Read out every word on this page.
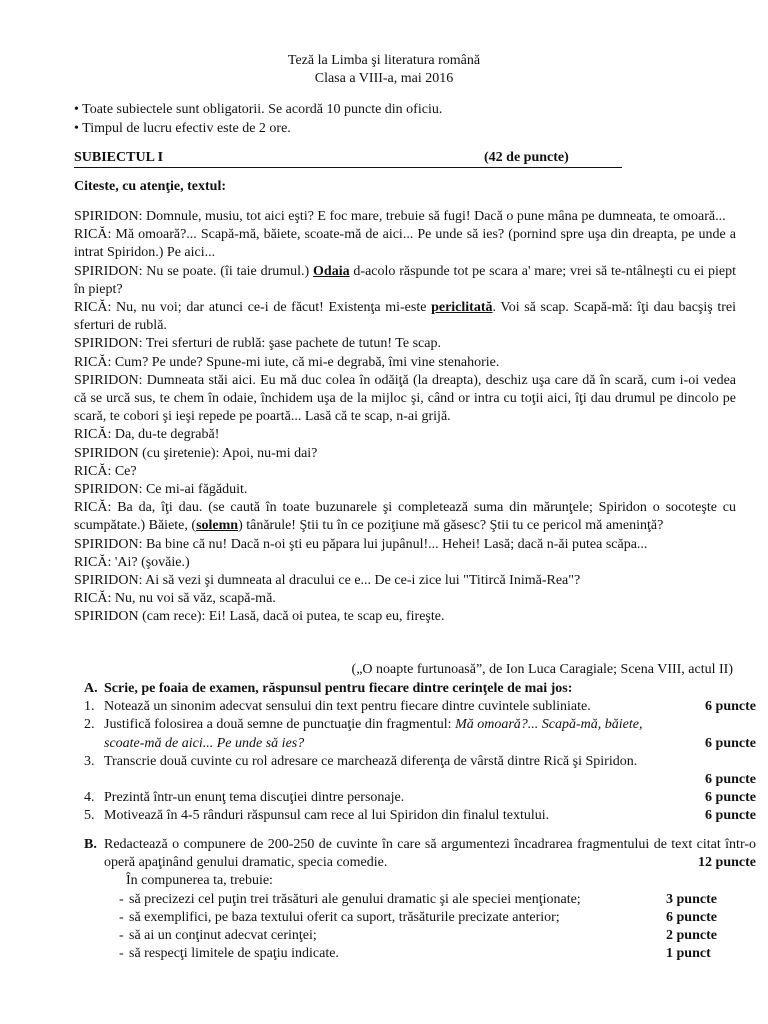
Teză la Limba şi literatura română
Clasa a VIII-a, mai 2016
• Toate subiectele sunt obligatorii. Se acordă 10 puncte din oficiu.
• Timpul de lucru efectiv este de 2 ore.
SUBIECTUL I	(42 de puncte)
Citeste, cu atenţie, textul:

SPIRIDON: Domnule, musiu, tot aici eşti? E foc mare, trebuie să fugi! Dacă o pune mâna pe dumneata, te omoară...

RICĂ: Mă omoară?... Scapă-mă, băiete, scoate-mă de aici... Pe unde să ies? (pornind spre uşa din dreapta, pe unde a intrat Spiridon.) Pe aici...

SPIRIDON: Nu se poate. (îi taie drumul.) Odaia d-acolo răspunde tot pe scara a' mare; vrei să te-ntâlneşti cu ei piept în piept?

RICĂ: Nu, nu voi; dar atunci ce-i de făcut! Existenţa mi-este periclitată. Voi să scap. Scapă-mă: îţi dau bacşiş trei sferturi de rublă.

SPIRIDON: Trei sferturi de rublă: şase pachete de tutun! Te scap.

RICĂ: Cum? Pe unde? Spune-mi iute, că mi-e degrabă, îmi vine stenahorie.

SPIRIDON: Dumneata stăi aici. Eu mă duc colea în odăiţă (la dreapta), deschiz uşa care dă în scară, cum i-oi vedea că se urcă sus, te chem în odaie, închidem uşa de la mijloc şi, când or intra cu toţii aici, îţi dau drumul pe dincolo pe scară, te cobori şi ieşi repede pe poartă... Lasă că te scap, n-ai grijă.

RICĂ: Da, du-te degrabă!

SPIRIDON (cu şiretenie): Apoi, nu-mi dai?

RICĂ: Ce?

SPIRIDON: Ce mi-ai făgăduit.

RICĂ: Ba da, îţi dau. (se caută în toate buzunarele şi completează suma din mărunţele; Spiridon o socoteşte cu scumpătate.) Băiete, (solemn) tânărule! Ştii tu în ce poziţiune mă găsesc? Ştii tu ce pericol mă ameninţă?

SPIRIDON: Ba bine că nu! Dacă n-oi şti eu păpara lui jupânul!... Hehei! Lasă; dacă n-ăi putea scăpa...

RICĂ: 'Ai? (şovăie.)

SPIRIDON: Ai să vezi şi dumneata al dracului ce e... De ce-i zice lui "Titircă Inimă-Rea"?

RICĂ: Nu, nu voi să văz, scapă-mă.

SPIRIDON (cam rece): Ei! Lasă, dacă oi putea, te scap eu, fireşte.

(„O noapte furtunoasă”, de Ion Luca Caragiale; Scena VIII, actul II)
A. Scrie, pe foaia de examen, răspunsul pentru fiecare dintre cerinţele de mai jos:
1. Notează un sinonim adecvat sensului din text pentru fiecare dintre cuvintele subliniate.	6 puncte
2. Justifică folosirea a două semne de punctuaţie din fragmentul: Mă omoară?... Scapă-mă, băiete, scoate-mă de aici... Pe unde să ies?	6 puncte
3. Transcrie două cuvinte cu rol adresare ce marchează diferenţa de vârstă dintre Rică şi Spiridon.
6 puncte
4. Prezintă într-un enunţ tema discuţiei dintre personaje.	6 puncte
5. Motivează în 4-5 rânduri răspunsul cam rece al lui Spiridon din finalul textului.	6 puncte
B. Redactează o compunere de 200-250 de cuvinte în care să argumentezi încadrarea fragmentului de text citat într-o operă apaţinând genului dramatic, specia comedie.	12 puncte
În compunerea ta, trebuie:
- să precizezi cel puţin trei trăsături ale genului dramatic şi ale speciei menţionate;	3 puncte
- să exemplifici, pe baza textului oferit ca suport, trăsăturile precizate anterior;	6 puncte
- să ai un conţinut adecvat cerinţei;	2 puncte
- să respecţi limitele de spaţiu indicate.	1 punct
